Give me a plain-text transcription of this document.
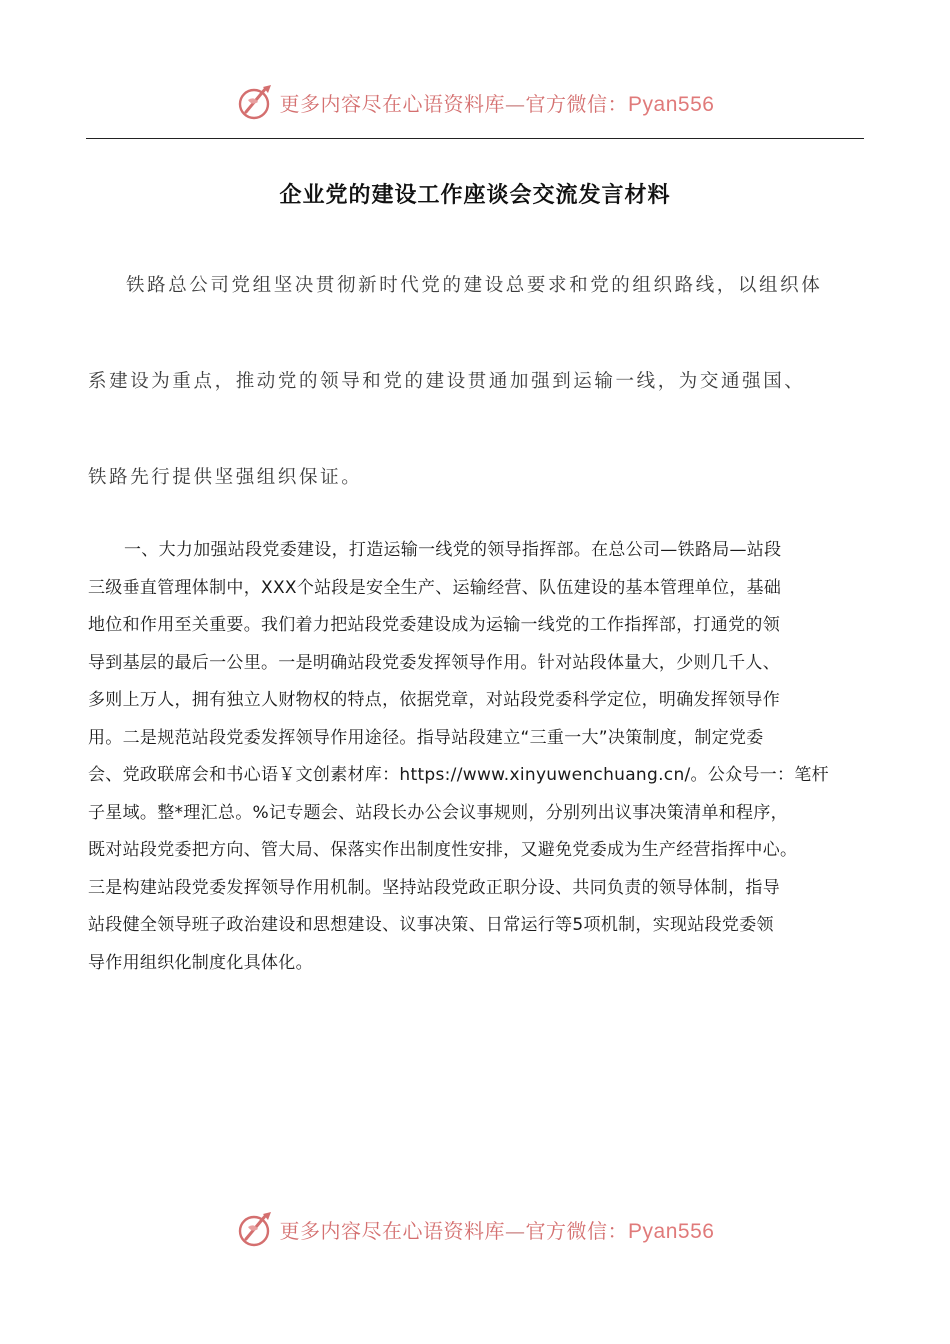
更多内容尽在心语资料库—官方微信：Pyan556
企业党的建设工作座谈会交流发言材料
铁路总公司党组坚决贯彻新时代党的建设总要求和党的组织路线，以组织体
系建设为重点，推动党的领导和党的建设贯通加强到运输一线，为交通强国、
铁路先行提供坚强组织保证。
一、大力加强站段党委建设，打造运输一线党的领导指挥部。在总公司—铁路局—站段
三级垂直管理体制中，XXX个站段是安全生产、运输经营、队伍建设的基本管理单位，基础
地位和作用至关重要。我们着力把站段党委建设成为运输一线党的工作指挥部，打通党的领
导到基层的最后一公里。一是明确站段党委发挥领导作用。针对站段体量大，少则几千人、
多则上万人，拥有独立人财物权的特点，依据党章，对站段党委科学定位，明确发挥领导作
用。二是规范站段党委发挥领导作用途径。指导站段建立“三重一大”决策制度，制定党委
会、党政联席会和书心语￥文创素材库：https://www.xinyuwenchuang.cn/。公众号一：笔杆
子星域。整*理汇总。%记专题会、站段长办公会议事规则，分别列出议事决策清单和程序，
既对站段党委把方向、管大局、保落实作出制度性安排，又避免党委成为生产经营指挥中心。
三是构建站段党委发挥领导作用机制。坚持站段党政正职分设、共同负责的领导体制，指导
站段健全领导班子政治建设和思想建设、议事决策、日常运行等5项机制，实现站段党委领
导作用组织化制度化具体化。
更多内容尽在心语资料库—官方微信：Pyan556
